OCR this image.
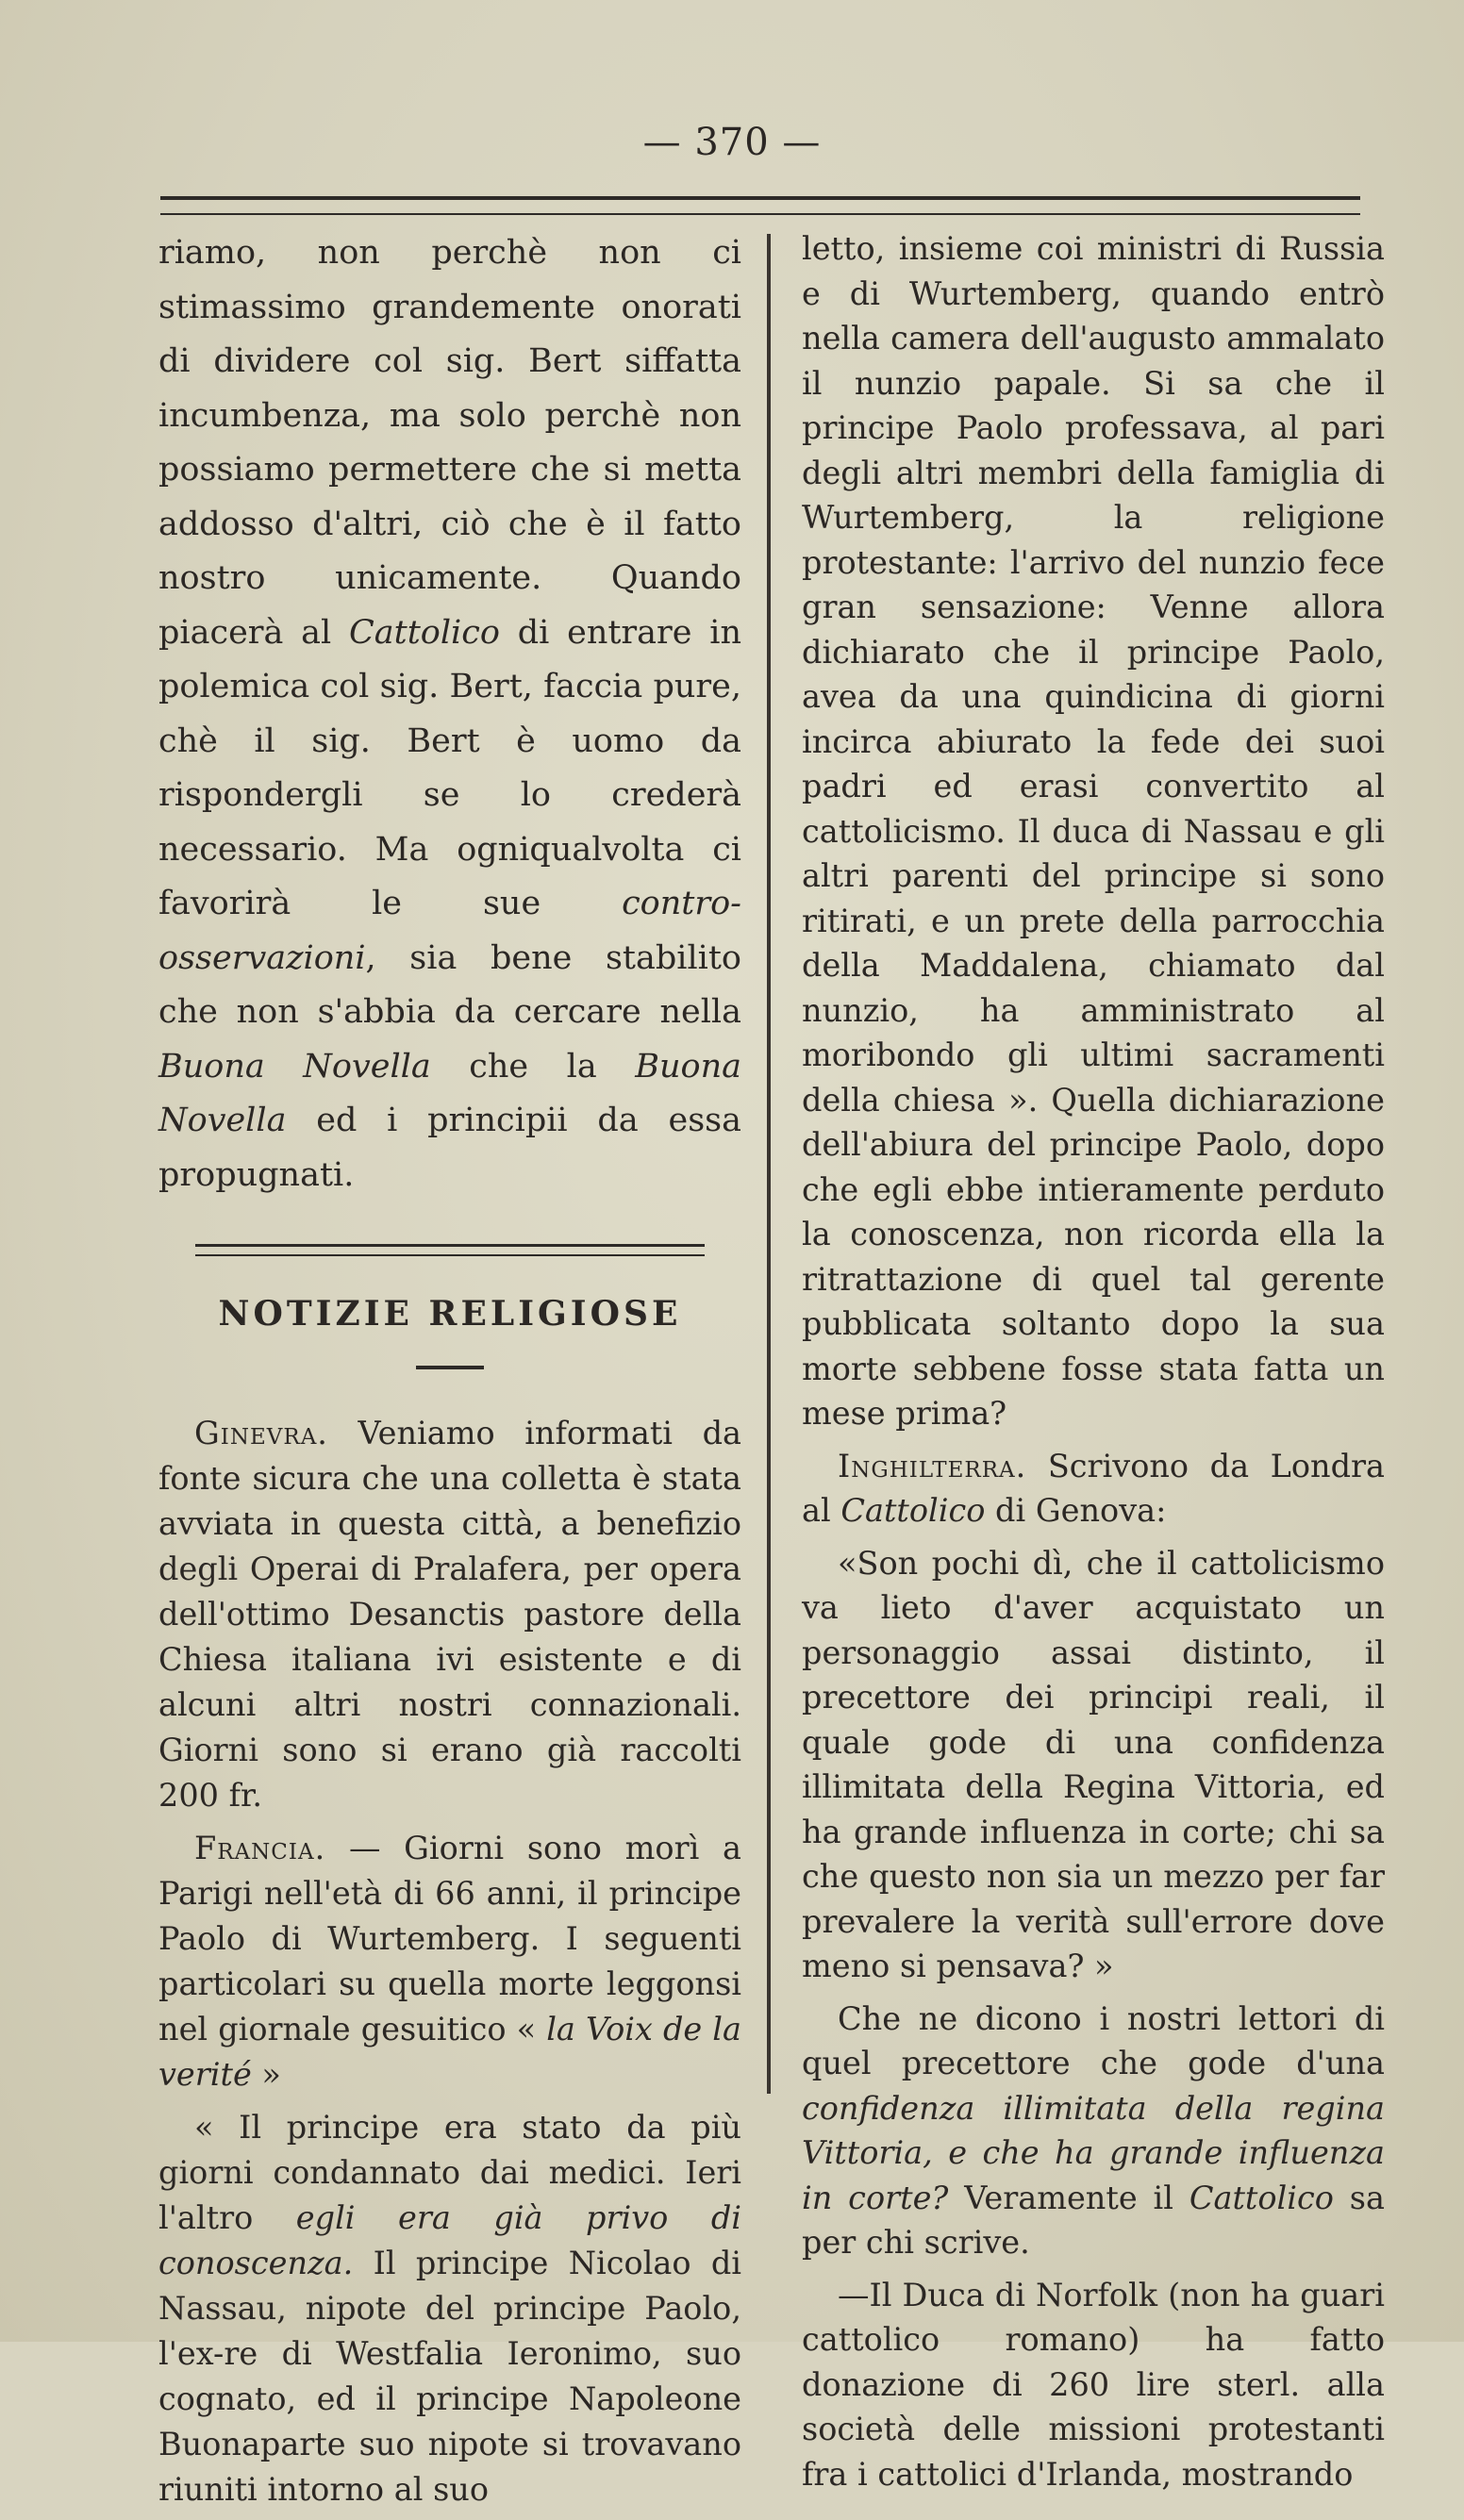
— 370 —

riamo, non perchè non ci stimassimo grandemente onorati di dividere col sig. Bert siffatta incumbenza, ma solo perchè non possiamo permettere che si metta addosso d'altri, ciò che è il fatto nostro unicamente. Quando piacerà al Cattolico di entrare in polemica col sig. Bert, faccia pure, chè il sig. Bert è uomo da rispondergli se lo crederà necessario. Ma ogniqualvolta ci favorirà le sue contro-osservazioni, sia bene stabilito che non s'abbia da cercare nella Buona Novella che la Buona Novella ed i principii da essa propugnati.

NOTIZIE RELIGIOSE

Ginevra. Veniamo informati da fonte sicura che una colletta è stata avviata in questa città, a benefizio degli Operai di Pralafera, per opera dell'ottimo Desanctis pastore della Chiesa italiana ivi esistente e di alcuni altri nostri connazionali. Giorni sono si erano già raccolti 200 fr.

Francia. — Giorni sono morì a Parigi nell'età di 66 anni, il principe Paolo di Wurtemberg. I seguenti particolari su quella morte leggonsi nel giornale gesuitico « la Voix de la verité »

« Il principe era stato da più giorni condannato dai medici. Ieri l'altro egli era già privo di conoscenza. Il principe Nicolao di Nassau, nipote del principe Paolo, l'ex-re di Westfalia Ieronimo, suo cognato, ed il principe Napoleone Buonaparte suo nipote si trovavano riuniti intorno al suo

letto, insieme coi ministri di Russia e di Wurtemberg, quando entrò nella camera dell'augusto ammalato il nunzio papale. Si sa che il principe Paolo professava, al pari degli altri membri della famiglia di Wurtemberg, la religione protestante: l'arrivo del nunzio fece gran sensazione: Venne allora dichiarato che il principe Paolo, avea da una quindicina di giorni incirca abiurato la fede dei suoi padri ed erasi convertito al cattolicismo. Il duca di Nassau e gli altri parenti del principe si sono ritirati, e un prete della parrocchia della Maddalena, chiamato dal nunzio, ha amministrato al moribondo gli ultimi sacramenti della chiesa ». Quella dichiarazione dell'abiura del principe Paolo, dopo che egli ebbe intieramente perduto la conoscenza, non ricorda ella la ritrattazione di quel tal gerente pubblicata soltanto dopo la sua morte sebbene fosse stata fatta un mese prima?

Inghilterra. Scrivono da Londra al Cattolico di Genova:

«Son pochi dì, che il cattolicismo va lieto d'aver acquistato un personaggio assai distinto, il precettore dei principi reali, il quale gode di una confidenza illimitata della Regina Vittoria, ed ha grande influenza in corte; chi sa che questo non sia un mezzo per far prevalere la verità sull'errore dove meno si pensava? »

Che ne dicono i nostri lettori di quel precettore che gode d'una confidenza illimitata della regina Vittoria, e che ha grande influenza in corte? Veramente il Cattolico sa per chi scrive.

—Il Duca di Norfolk (non ha guari cattolico romano) ha fatto donazione di 260 lire sterl. alla società delle missioni protestanti fra i cattolici d'Irlanda, mostrando
